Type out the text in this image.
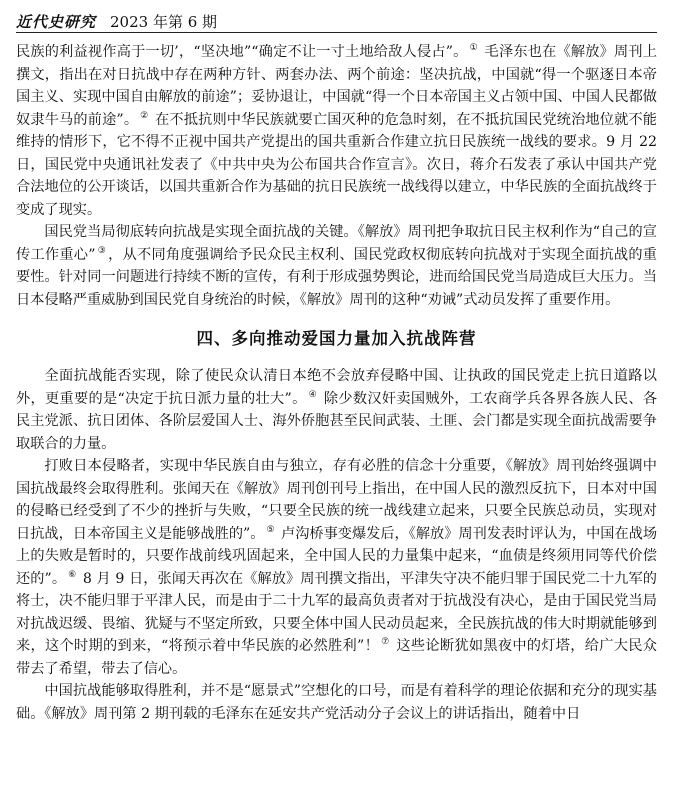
近代史研究 2023 年第 6 期

民族的利益视作高于一切’，“坚决地”“确定不让一寸土地给敌人侵占”。 ① 毛泽东也在《解放》周刊上撰文，指出在对日抗战中存在两种方针、两套办法、两个前途：坚决抗战，中国就“得一个驱逐日本帝国主义、实现中国自由解放的前途”；妥协退让，中国就“得一个日本帝国主义占领中国、中国人民都做奴隶牛马的前途”。 ② 在不抵抗则中华民族就要亡国灭种的危急时刻，在不抵抗国民党统治地位就不能维持的情形下，它不得不正视中国共产党提出的国共重新合作建立抗日民族统一战线的要求。9 月 22 日，国民党中央通讯社发表了《中共中央为公布国共合作宣言》。次日，蒋介石发表了承认中国共产党合法地位的公开谈话，以国共重新合作为基础的抗日民族统一战线得以建立，中华民族的全面抗战终于变成了现实。

国民党当局彻底转向抗战是实现全面抗战的关键。《解放》周刊把争取抗日民主权利作为“自己的宣传工作重心” ③ ，从不同角度强调给予民众民主权利、国民党政权彻底转向抗战对于实现全面抗战的重要性。针对同一问题进行持续不断的宣传，有利于形成强势舆论，进而给国民党当局造成巨大压力。当日本侵略严重威胁到国民党自身统治的时候，《解放》周刊的这种“劝诫”式动员发挥了重要作用。

四、多向推动爱国力量加入抗战阵营

全面抗战能否实现，除了使民众认清日本绝不会放弃侵略中国、让执政的国民党走上抗日道路以外，更重要的是“决定于抗日派力量的壮大”。 ④ 除少数汉奸卖国贼外，工农商学兵各界各族人民、各民主党派、抗日团体、各阶层爱国人士、海外侨胞甚至民间武装、土匪、会门都是实现全面抗战需要争取联合的力量。

打败日本侵略者，实现中华民族自由与独立，存有必胜的信念十分重要，《解放》周刊始终强调中国抗战最终会取得胜利。张闻天在《解放》周刊创刊号上指出，在中国人民的激烈反抗下，日本对中国的侵略已经受到了不少的挫折与失败，“只要全民族的统一战线建立起来，只要全民族总动员，实现对日抗战，日本帝国主义是能够战胜的”。 ⑤ 卢沟桥事变爆发后，《解放》周刊发表时评认为，中国在战场上的失败是暂时的，只要作战前线巩固起来，全中国人民的力量集中起来，“血债是终须用同等代价偿还的”。 ⑥ 8 月 9 日，张闻天再次在《解放》周刊撰文指出，平津失守决不能归罪于国民党二十九军的将士，决不能归罪于平津人民，而是由于二十九军的最高负责者对于抗战没有决心，是由于国民党当局对抗战迟缓、畏缩、犹疑与不坚定所致，只要全体中国人民动员起来，全民族抗战的伟大时期就能够到来，这个时期的到来，“将预示着中华民族的必然胜利”！ ⑦ 这些论断犹如黑夜中的灯塔，给广大民众带去了希望，带去了信心。

中国抗战能够取得胜利，并不是“愿景式”空想化的口号，而是有着科学的理论依据和充分的现实基础。《解放》周刊第 2 期刊载的毛泽东在延安共产党活动分子会议上的讲话指出，随着中日
